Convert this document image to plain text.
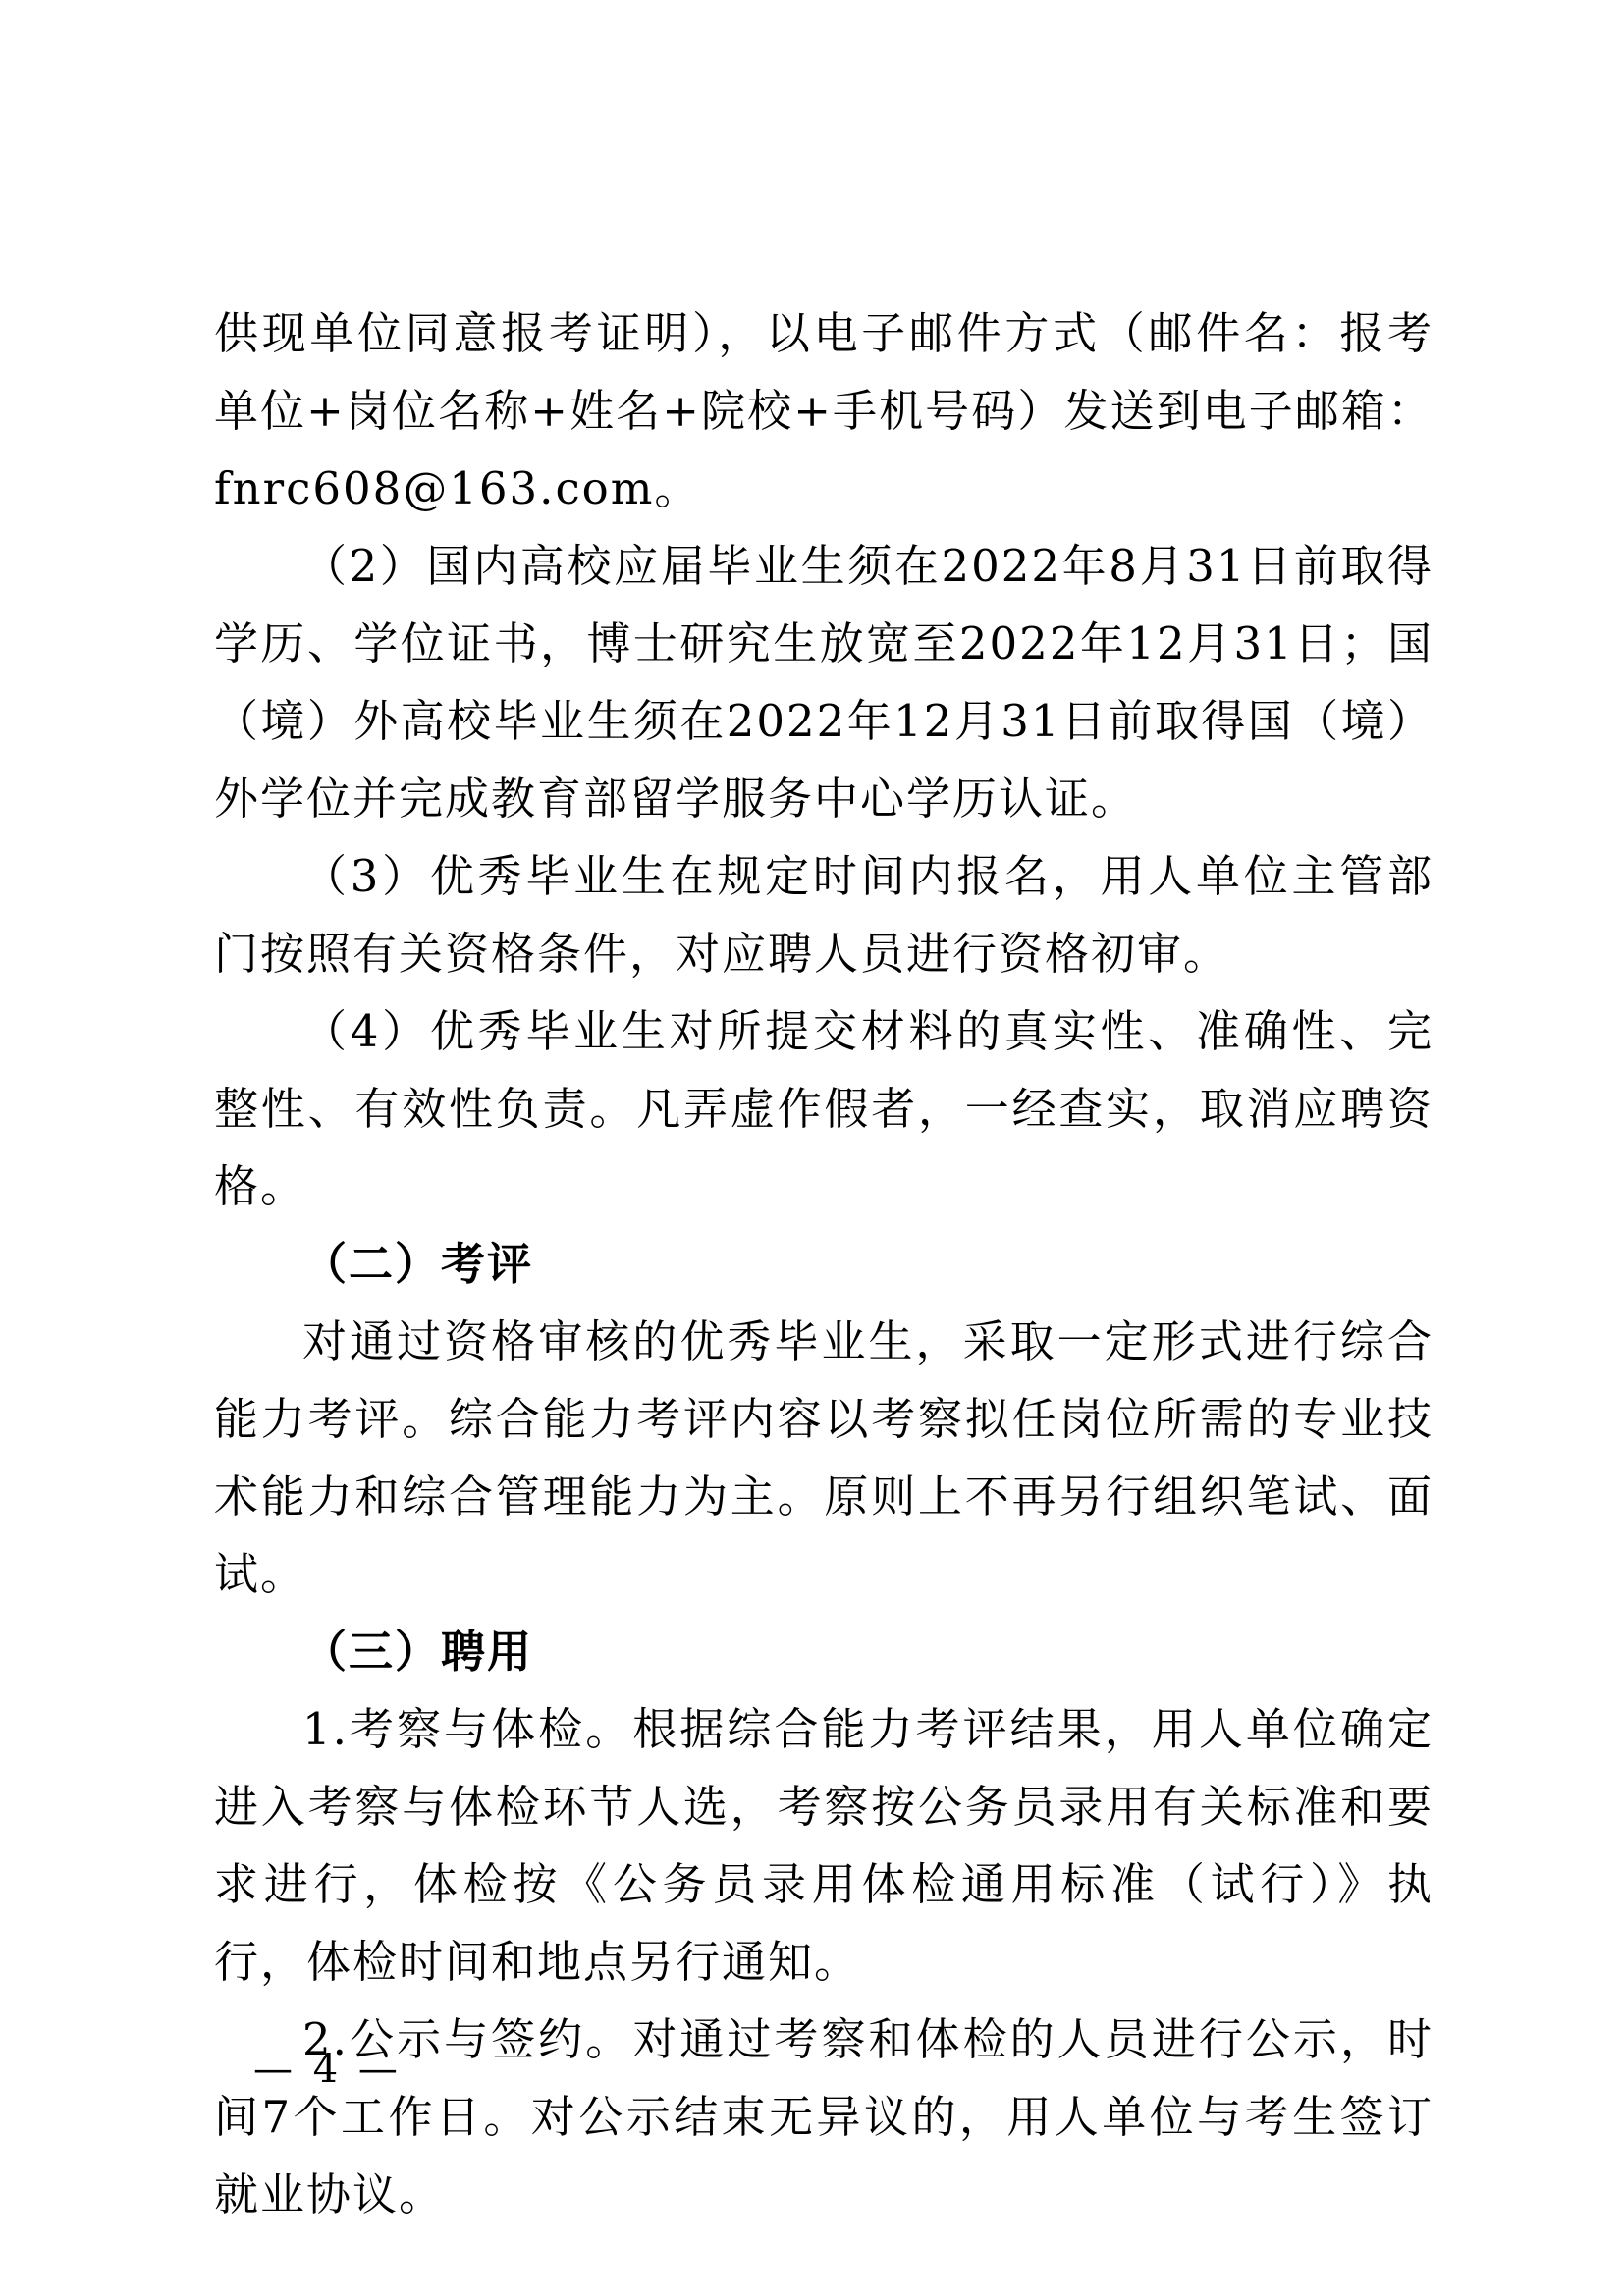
供现单位同意报考证明），以电子邮件方式（邮件名：报考单位+岗位名称+姓名+院校+手机号码）发送到电子邮箱：fnrc608@163.com。

（2）国内高校应届毕业生须在2022年8月31日前取得学历、学位证书，博士研究生放宽至2022年12月31日；国（境）外高校毕业生须在2022年12月31日前取得国（境）外学位并完成教育部留学服务中心学历认证。

（3）优秀毕业生在规定时间内报名，用人单位主管部门按照有关资格条件，对应聘人员进行资格初审。

（4）优秀毕业生对所提交材料的真实性、准确性、完整性、有效性负责。凡弄虚作假者，一经查实，取消应聘资格。

（二）考评

对通过资格审核的优秀毕业生，采取一定形式进行综合能力考评。综合能力考评内容以考察拟任岗位所需的专业技术能力和综合管理能力为主。原则上不再另行组织笔试、面试。

（三）聘用

1.考察与体检。根据综合能力考评结果，用人单位确定进入考察与体检环节人选，考察按公务员录用有关标准和要求进行，体检按《公务员录用体检通用标准（试行）》执行，体检时间和地点另行通知。

2.公示与签约。对通过考察和体检的人员进行公示，时间7个工作日。对公示结束无异议的，用人单位与考生签订就业协议。

— 4 —
